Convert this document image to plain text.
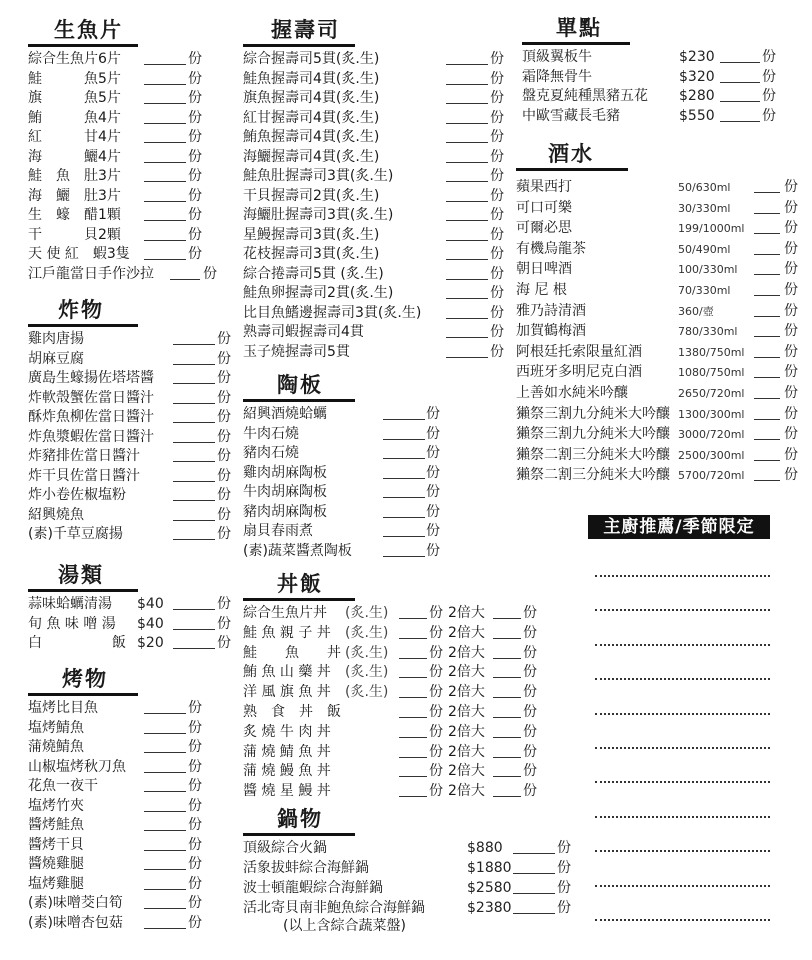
生魚片
綜合生魚片6片	份
鮭　　　魚5片	份
旗　　　魚5片	份
鮪　　　魚4片	份
紅　　　甘4片	份
海　　　鱺4片	份
鮭　魚　肚3片	份
海　鱺　肚3片	份
生　蠔　醋1顆	份
干　　　貝2顆	份
天 使 紅　蝦3隻	份
江戶龍當日手作沙拉	份
炸物
雞肉唐揚	份
胡麻豆腐	份
廣島生蠔揚佐塔塔醬	份
炸軟殼蟹佐當日醬汁	份
酥炸魚柳佐當日醬汁	份
炸魚漿蝦佐當日醬汁	份
炸豬排佐當日醬汁	份
炸干貝佐當日醬汁	份
炸小卷佐椒塩粉	份
紹興燒魚	份
(素)千草豆腐揚	份
湯類
蒜味蛤蠣清湯 $40	份
旬 魚 味 噌 湯 $40	份
白　　　　　飯 $20	份
烤物
塩烤比目魚	份
塩烤鯖魚	份
蒲燒鯖魚	份
山椒塩烤秋刀魚	份
花魚一夜干	份
塩烤竹夾	份
醬烤鮭魚	份
醬烤干貝	份
醬燒雞腿	份
塩烤雞腿	份
(素)味噌茭白筍	份
(素)味噌杏包菇	份
握壽司
綜合握壽司5貫(炙.生)	份
鮭魚握壽司4貫(炙.生)	份
旗魚握壽司4貫(炙.生)	份
紅甘握壽司4貫(炙.生)	份
鮪魚握壽司4貫(炙.生)	份
海鱺握壽司4貫(炙.生)	份
鮭魚肚握壽司3貫(炙.生)	份
干貝握壽司2貫(炙.生)	份
海鱺肚握壽司3貫(炙.生)	份
星鰻握壽司3貫(炙.生)	份
花枝握壽司3貫(炙.生)	份
綜合捲壽司5貫 (炙.生)	份
鮭魚卵握壽司2貫(炙.生)	份
比目魚鰭邊握壽司3貫(炙.生)	份
熟壽司蝦握壽司4貫	份
玉子燒握壽司5貫	份
陶板
紹興酒燒蛤蠣	份
牛肉石燒	份
豬肉石燒	份
雞肉胡麻陶板	份
牛肉胡麻陶板	份
豬肉胡麻陶板	份
扇貝春雨煮	份
(素)蔬菜醬煮陶板	份
丼飯
綜合生魚片丼 (炙.生)	份 2倍大	份
鮭 魚 親 子 丼 (炙.生)	份 2倍大	份
鮭　　魚　　丼 (炙.生)	份 2倍大	份
鮪 魚 山 藥 丼 (炙.生)	份 2倍大	份
洋 風 旗 魚 丼 (炙.生)	份 2倍大	份
熟　食　丼　飯	份 2倍大	份
炙 燒 牛 肉 丼	份 2倍大	份
蒲 燒 鯖 魚 丼	份 2倍大	份
蒲 燒 鰻 魚 丼	份 2倍大	份
醬 燒 星 鰻 丼	份 2倍大	份
鍋物
頂級綜合火鍋	$880	份
活象拔蚌綜合海鮮鍋	$1880	份
波士頓龍蝦綜合海鮮鍋	$2580	份
活北寄貝南非鮑魚綜合海鮮鍋	$2380	份
(以上含綜合蔬菜盤)
單點
頂級翼板牛	$230	份
霜降無骨牛	$320	份
盤克夏純種黑豬五花 $280	份
中歐雪藏長毛豬	$550	份
酒水
蘋果西打	50/630ml	份
可口可樂	30/330ml	份
可爾必思	199/1000ml	份
有機烏龍茶	50/490ml	份
朝日啤酒	100/330ml	份
海 尼 根	70/330ml	份
雅乃詩清酒	360/壺	份
加賀鶴梅酒	780/330ml	份
阿根廷托索限量紅酒	1380/750ml	份
西班牙多明尼克白酒	1080/750ml	份
上善如水純米吟釀	2650/720ml	份
獺祭三割九分純米大吟釀 1300/300ml	份
獺祭三割九分純米大吟釀 3000/720ml	份
獺祭二割三分純米大吟釀 2500/300ml	份
獺祭二割三分純米大吟釀 5700/720ml	份
主廚推薦/季節限定
